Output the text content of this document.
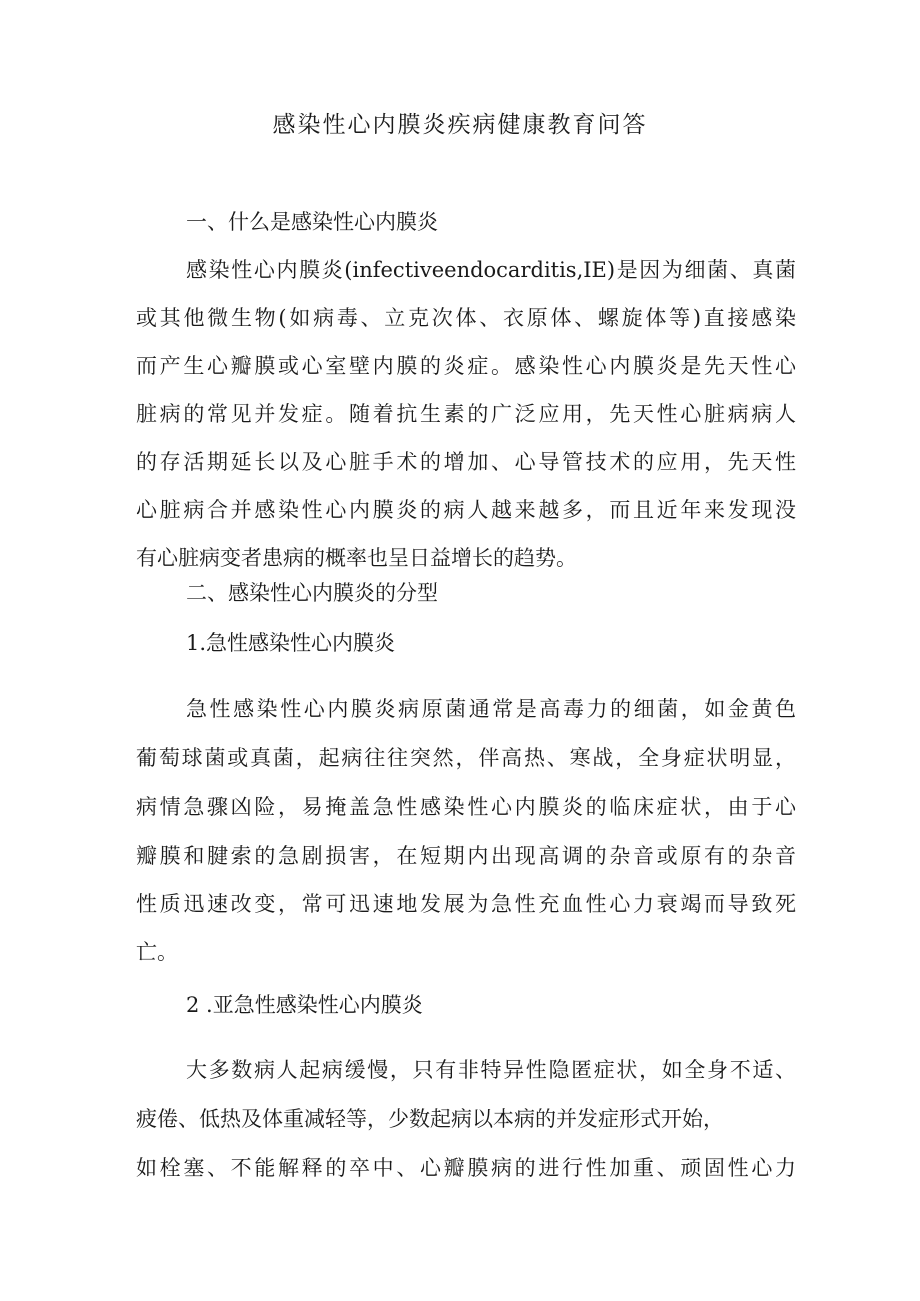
感染性心内膜炎疾病健康教育问答

一、什么是感染性心内膜炎

感染性心内膜炎(infectiveendocarditis,IE)是因为细菌、真菌

或其他微生物(如病毒、立克次体、衣原体、螺旋体等)直接感染

而产生心瓣膜或心室壁内膜的炎症。感染性心内膜炎是先天性心

脏病的常见并发症。随着抗生素的广泛应用，先天性心脏病病人

的存活期延长以及心脏手术的增加、心导管技术的应用，先天性

心脏病合并感染性心内膜炎的病人越来越多，而且近年来发现没

有心脏病变者患病的概率也呈日益增长的趋势。

二、感染性心内膜炎的分型

1.急性感染性心内膜炎

急性感染性心内膜炎病原菌通常是高毒力的细菌，如金黄色

葡萄球菌或真菌，起病往往突然，伴高热、寒战，全身症状明显，

病情急骤凶险，易掩盖急性感染性心内膜炎的临床症状，由于心

瓣膜和腱索的急剧损害，在短期内出现高调的杂音或原有的杂音

性质迅速改变，常可迅速地发展为急性充血性心力衰竭而导致死

亡。

2 .亚急性感染性心内膜炎

大多数病人起病缓慢，只有非特异性隐匿症状，如全身不适、

疲倦、低热及体重减轻等，少数起病以本病的并发症形式开始，

如栓塞、不能解释的卒中、心瓣膜病的进行性加重、顽固性心力
